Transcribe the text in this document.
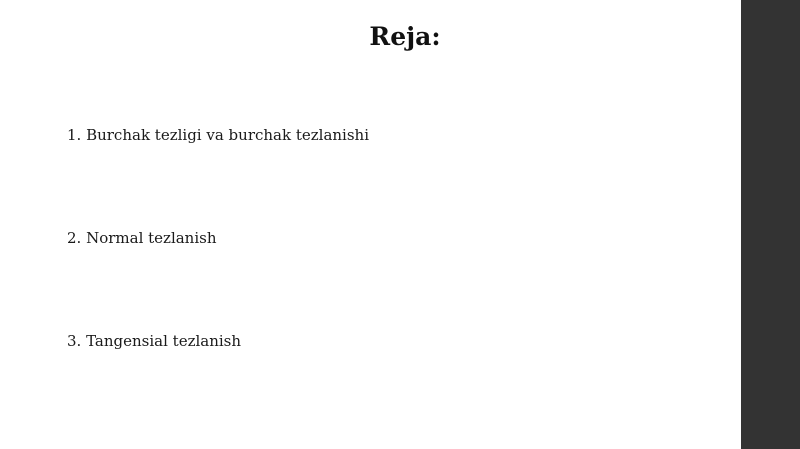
Reja:
1. Burchak tezligi va burchak tezlanishi
2. Normal tezlanish
3. Tangensial tezlanish
